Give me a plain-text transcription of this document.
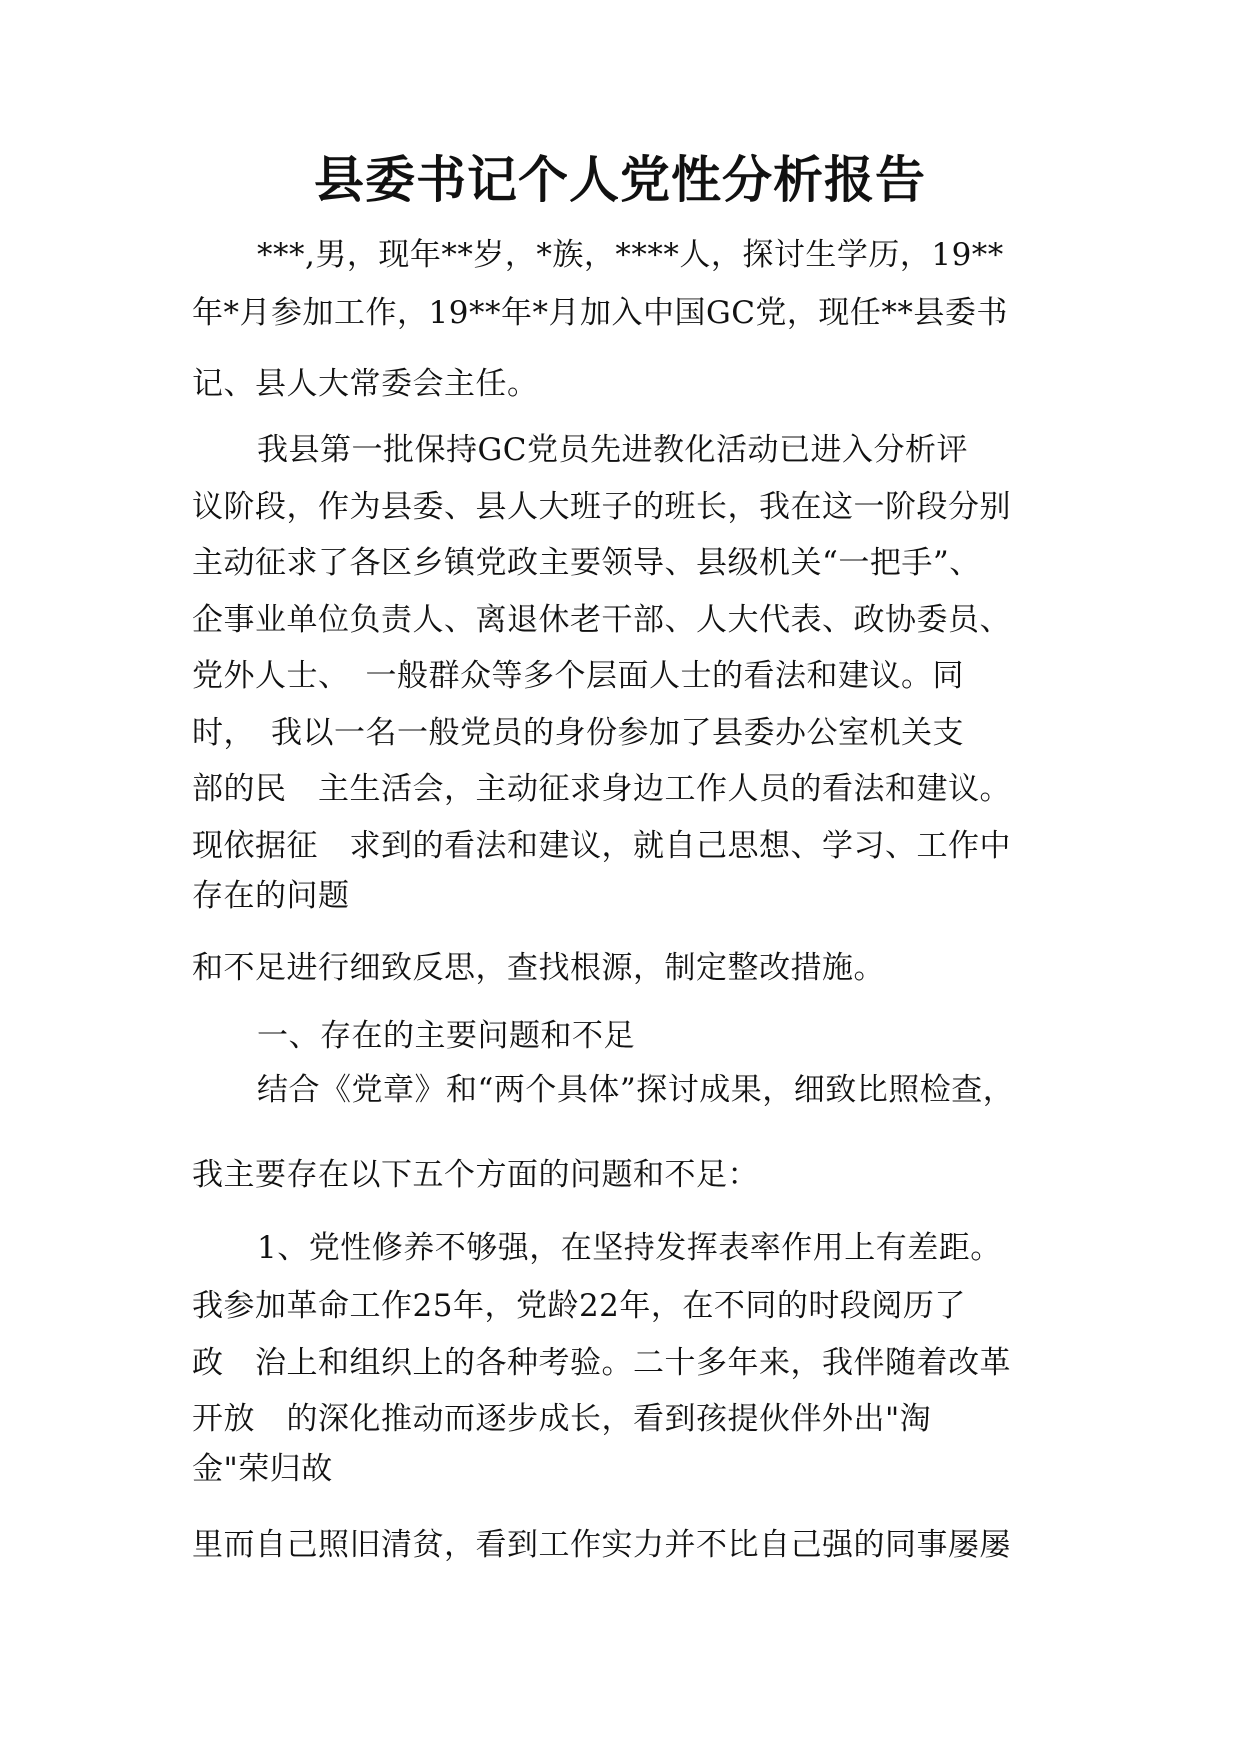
县委书记个人党性分析报告
***,男，现年**岁，*族，****人，探讨生学历，19**
年*月参加工作，19**年*月加入中国GC党，现任**县委书
记、县人大常委会主任。
我县第一批保持GC党员先进教化活动已进入分析评
议阶段，作为县委、县人大班子的班长，我在这一阶段分别
主动征求了各区乡镇党政主要领导、县级机关“一把手”、
企事业单位负责人、离退休老干部、人大代表、政协委员、
党外人士、　一般群众等多个层面人士的看法和建议。同
时，　我以一名一般党员的身份参加了县委办公室机关支
部的民　主生活会，主动征求身边工作人员的看法和建议。
现依据征　求到的看法和建议，就自己思想、学习、工作中
存在的问题
和不足进行细致反思，查找根源，制定整改措施。
一、存在的主要问题和不足
结合《党章》和“两个具体”探讨成果，细致比照检查，
我主要存在以下五个方面的问题和不足：
1、党性修养不够强，在坚持发挥表率作用上有差距。
我参加革命工作25年，党龄22年，在不同的时段阅历了
政　治上和组织上的各种考验。二十多年来，我伴随着改革
开放　的深化推动而逐步成长，看到孩提伙伴外出"淘
金"荣归故
里而自己照旧清贫，看到工作实力并不比自己强的同事屡屡
